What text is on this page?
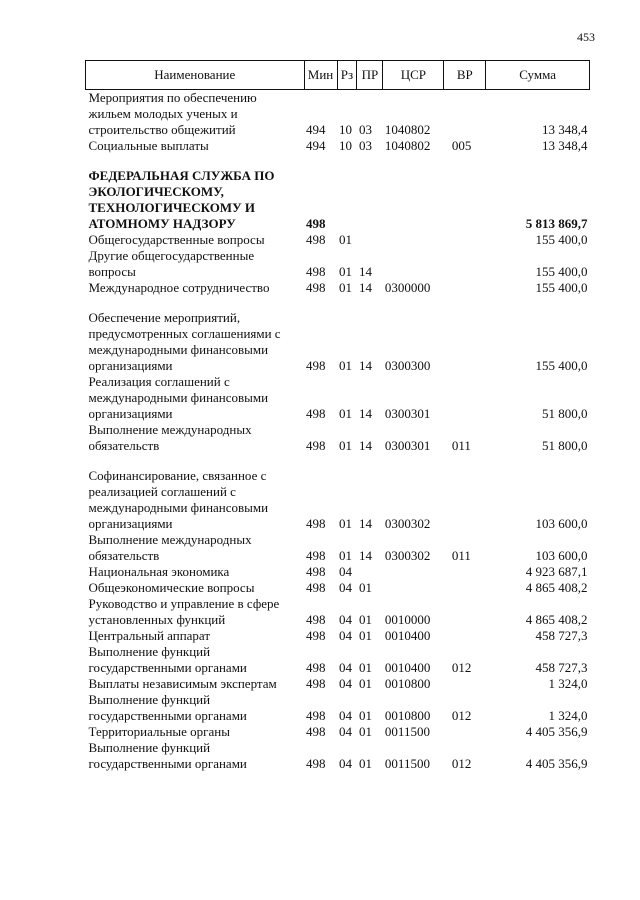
453
Наименование	Мин	Рз	ПР	ЦСР	ВР	Сумма
Мероприятия по обеспечению жильем молодых ученых и строительство общежитий	494	10	03	1040802		13 348,4
Социальные выплаты	494	10	03	1040802	005	13 348,4
ФЕДЕРАЛЬНАЯ СЛУЖБА ПО ЭКОЛОГИЧЕСКОМУ, ТЕХНОЛОГИЧЕСКОМУ И АТОМНОМУ НАДЗОРУ	498					5 813 869,7
Общегосударственные вопросы	498	01				155 400,0
Другие общегосударственные вопросы	498	01	14			155 400,0
Международное сотрудничество	498	01	14	0300000		155 400,0
Обеспечение мероприятий, предусмотренных соглашениями с международными финансовыми организациями	498	01	14	0300300		155 400,0
Реализация соглашений с международными финансовыми организациями	498	01	14	0300301		51 800,0
Выполнение международных обязательств	498	01	14	0300301	011	51 800,0
Софинансирование, связанное с реализацией соглашений с международными финансовыми организациями	498	01	14	0300302		103 600,0
Выполнение международных обязательств	498	01	14	0300302	011	103 600,0
Национальная экономика	498	04				4 923 687,1
Общеэкономические вопросы	498	04	01			4 865 408,2
Руководство и управление в сфере установленных функций	498	04	01	0010000		4 865 408,2
Центральный аппарат	498	04	01	0010400		458 727,3
Выполнение функций государственными органами	498	04	01	0010400	012	458 727,3
Выплаты независимым экспертам	498	04	01	0010800		1 324,0
Выполнение функций государственными органами	498	04	01	0010800	012	1 324,0
Территориальные органы	498	04	01	0011500		4 405 356,9
Выполнение функций государственными органами	498	04	01	0011500	012	4 405 356,9
